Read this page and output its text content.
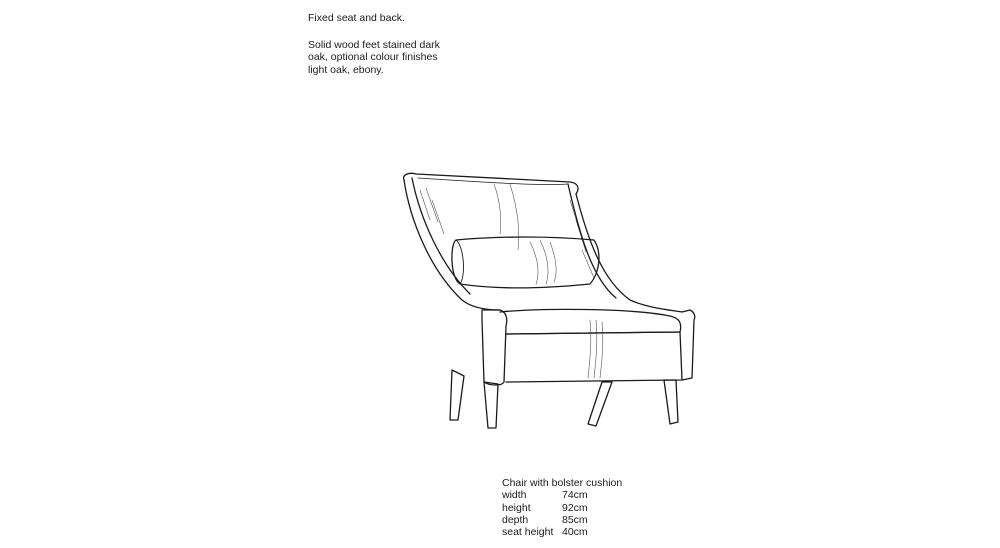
Fixed seat and back.

Solid wood feet stained dark

oak, optional colour finishes

light oak, ebony.

Chair with bolster cushion

width	74cm
height	92cm
depth	85cm
seat height	40cm
